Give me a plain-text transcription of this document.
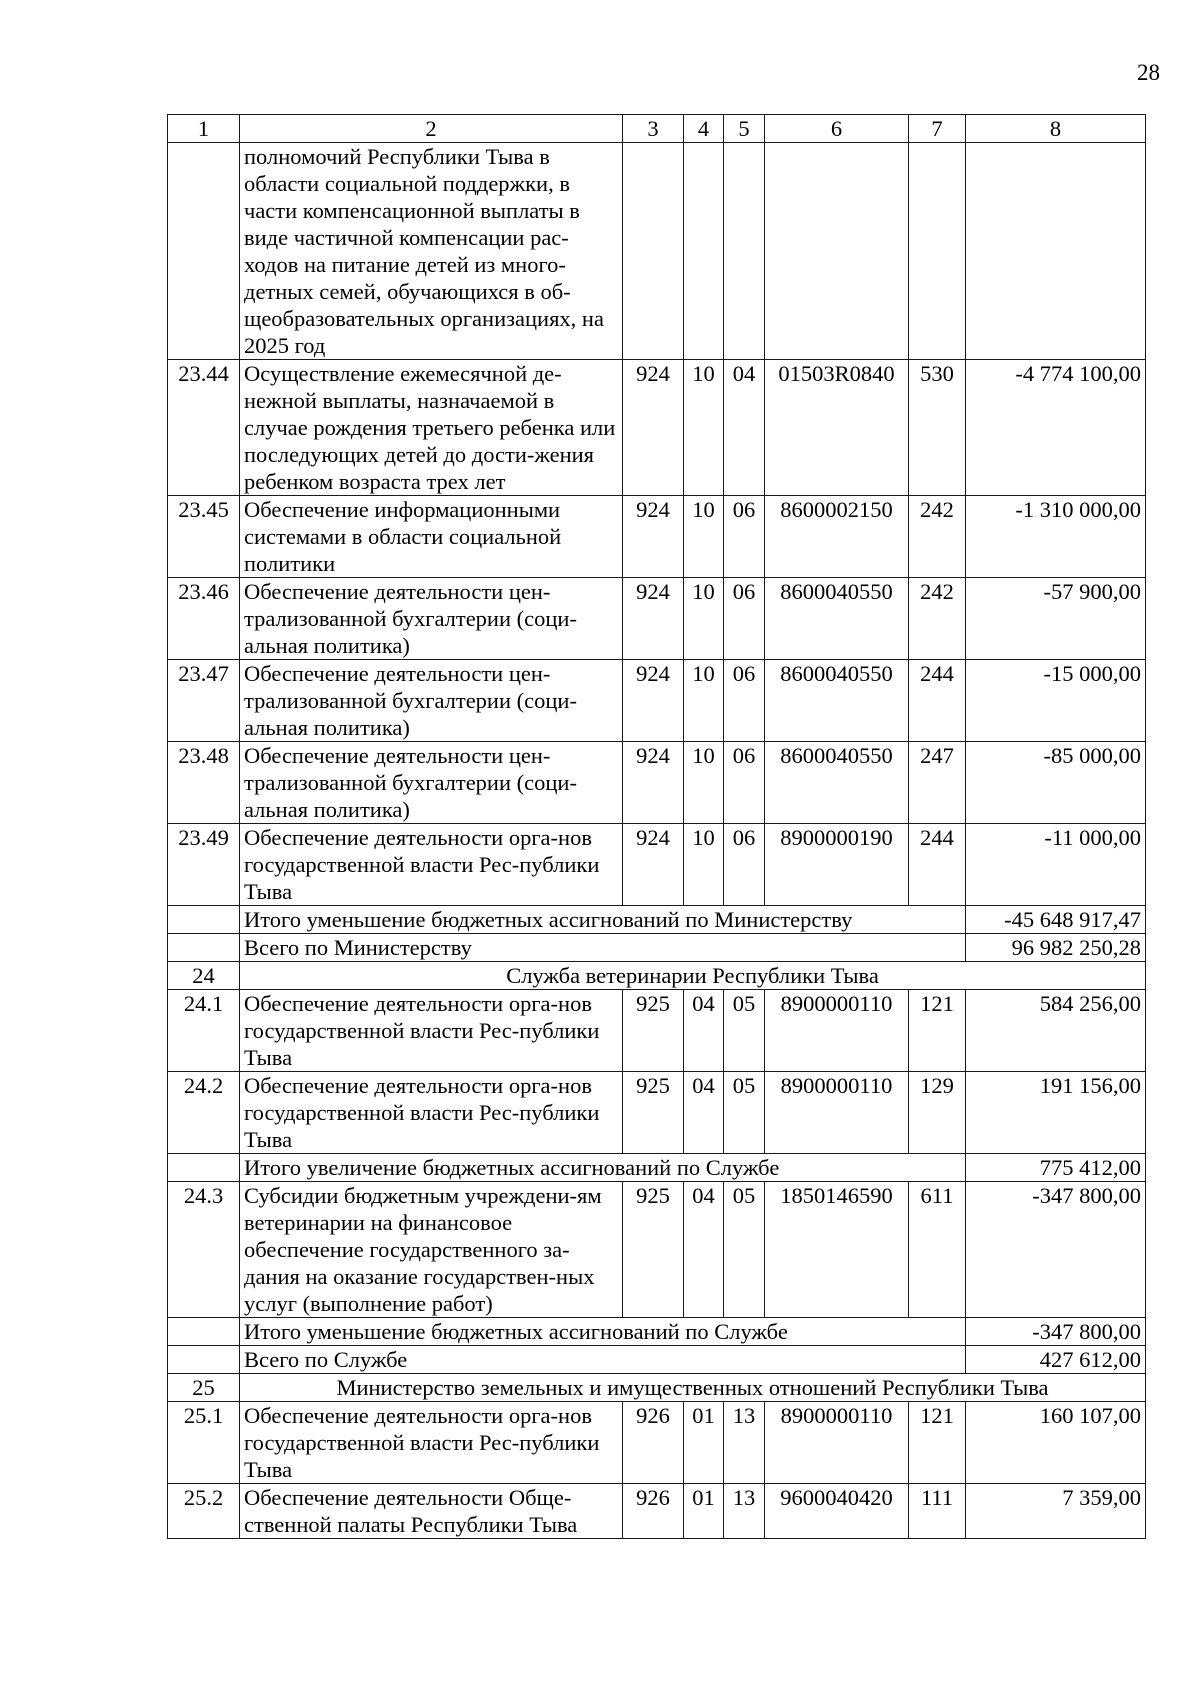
28
1	2	3	4	5	6	7	8
	полномочий Республики Тыва в области социальной поддержки, в части компенсационной выплаты в виде частичной компенсации рас-ходов на питание детей из много-детных семей, обучающихся в об-щеобразовательных организациях, на 2025 год						
23.44	Осуществление ежемесячной де-нежной выплаты, назначаемой в случае рождения третьего ребенка или последующих детей до дости-жения ребенком возраста трех лет	924	10	04	01503R0840	530	-4 774 100,00
23.45	Обеспечение информационными системами в области социальной политики	924	10	06	8600002150	242	-1 310 000,00
23.46	Обеспечение деятельности цен-трализованной бухгалтерии (соци-альная политика)	924	10	06	8600040550	242	-57 900,00
23.47	Обеспечение деятельности цен-трализованной бухгалтерии (соци-альная политика)	924	10	06	8600040550	244	-15 000,00
23.48	Обеспечение деятельности цен-трализованной бухгалтерии (соци-альная политика)	924	10	06	8600040550	247	-85 000,00
23.49	Обеспечение деятельности орга-нов государственной власти Рес-публики Тыва	924	10	06	8900000190	244	-11 000,00
	Итого уменьшение бюджетных ассигнований по Министерству						-45 648 917,47
	Всего по Министерству						96 982 250,28
24	Служба ветеринарии Республики Тыва						
24.1	Обеспечение деятельности орга-нов государственной власти Рес-публики Тыва	925	04	05	8900000110	121	584 256,00
24.2	Обеспечение деятельности орга-нов государственной власти Рес-публики Тыва	925	04	05	8900000110	129	191 156,00
	Итого увеличение бюджетных ассигнований по Службе						775 412,00
24.3	Субсидии бюджетным учреждени-ям ветеринарии на финансовое обеспечение государственного за-дания на оказание государствен-ных услуг (выполнение работ)	925	04	05	1850146590	611	-347 800,00
	Итого уменьшение бюджетных ассигнований по Службе						-347 800,00
	Всего по Службе						427 612,00
25	Министерство земельных и имущественных отношений Республики Тыва						
25.1	Обеспечение деятельности орга-нов государственной власти Рес-публики Тыва	926	01	13	8900000110	121	160 107,00
25.2	Обеспечение деятельности Обще-ственной палаты Республики Тыва	926	01	13	9600040420	111	7 359,00
